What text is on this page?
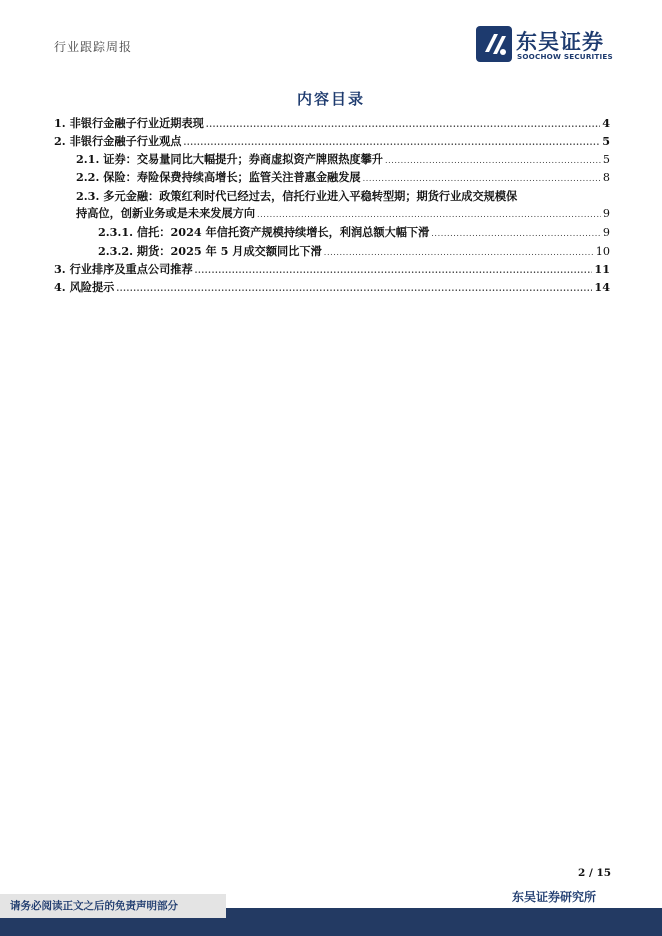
行业跟踪周报	东吴证券
SOOCHOW SECURITIES
内容目录
1. 非银行金融子行业近期表现 .....	4
2. 非银行金融子行业观点 .....	5
2.1. 证券：交易量同比大幅提升；券商虚拟资产牌照热度攀升 .....	5
2.2. 保险：寿险保费持续高增长；监管关注普惠金融发展 .....	8
2.3. 多元金融：政策红利时代已经过去，信托行业进入平稳转型期；期货行业成交规模保
持高位，创新业务或是未来发展方向 .....	9
2.3.1. 信托：2024 年信托资产规模持续增长，利润总额大幅下滑 .....	9
2.3.2. 期货：2025 年 5 月成交额同比下滑 .....	10
3. 行业排序及重点公司推荐 .....	11
4. 风险提示 .....	14
2 / 15
东吴证券研究所
请务必阅读正文之后的免责声明部分
